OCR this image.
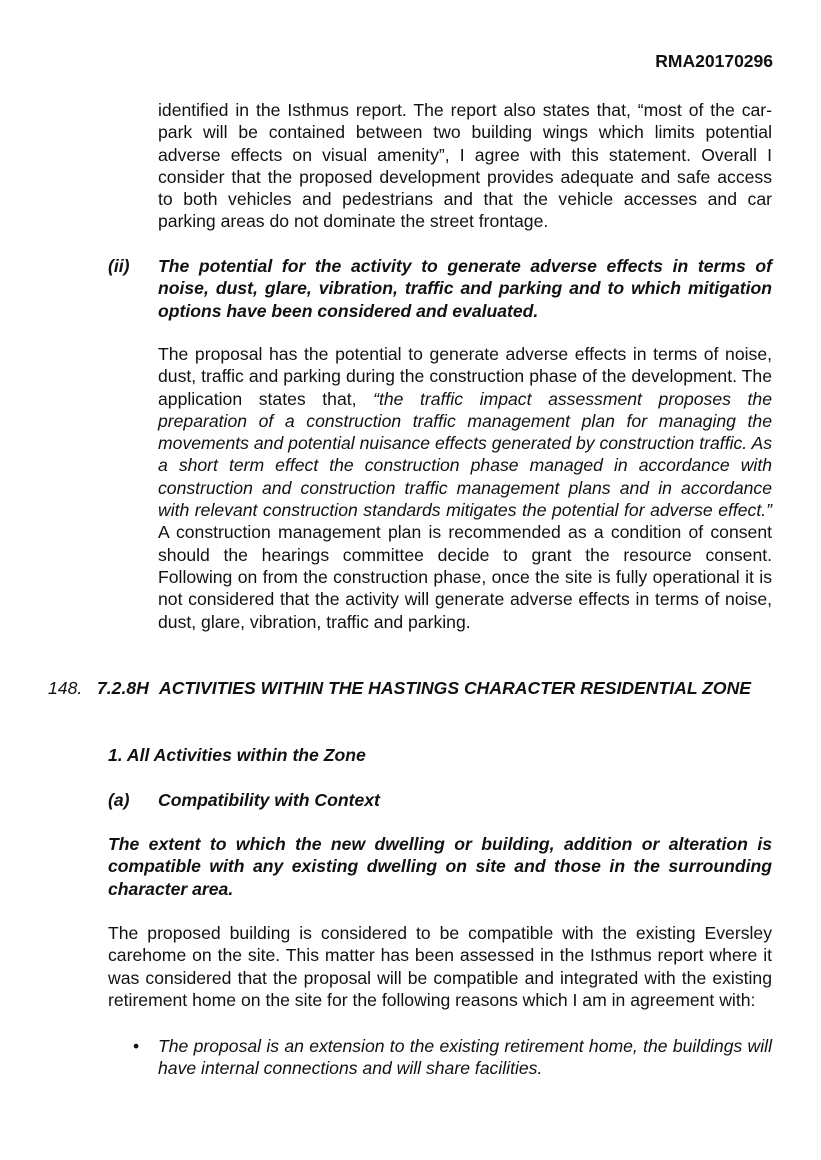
RMA20170296

identified in the Isthmus report. The report also states that, “most of the car-park will be contained between two building wings which limits potential adverse effects on visual amenity”, I agree with this statement. Overall I consider that the proposed development provides adequate and safe access to both vehicles and pedestrians and that the vehicle accesses and car parking areas do not dominate the street frontage.

(ii) The potential for the activity to generate adverse effects in terms of noise, dust, glare, vibration, traffic and parking and to which mitigation options have been considered and evaluated.

The proposal has the potential to generate adverse effects in terms of noise, dust, traffic and parking during the construction phase of the development. The application states that, “the traffic impact assessment proposes the preparation of a construction traffic management plan for managing the movements and potential nuisance effects generated by construction traffic. As a short term effect the construction phase managed in accordance with construction and construction traffic management plans and in accordance with relevant construction standards mitigates the potential for adverse effect.” A construction management plan is recommended as a condition of consent should the hearings committee decide to grant the resource consent. Following on from the construction phase, once the site is fully operational it is not considered that the activity will generate adverse effects in terms of noise, dust, glare, vibration, traffic and parking.

148. 7.2.8H ACTIVITIES WITHIN THE HASTINGS CHARACTER RESIDENTIAL ZONE

1. All Activities within the Zone
(a) Compatibility with Context

The extent to which the new dwelling or building, addition or alteration is compatible with any existing dwelling on site and those in the surrounding character area.

The proposed building is considered to be compatible with the existing Eversley carehome on the site. This matter has been assessed in the Isthmus report where it was considered that the proposal will be compatible and integrated with the existing retirement home on the site for the following reasons which I am in agreement with:

• The proposal is an extension to the existing retirement home, the buildings will have internal connections and will share facilities.
